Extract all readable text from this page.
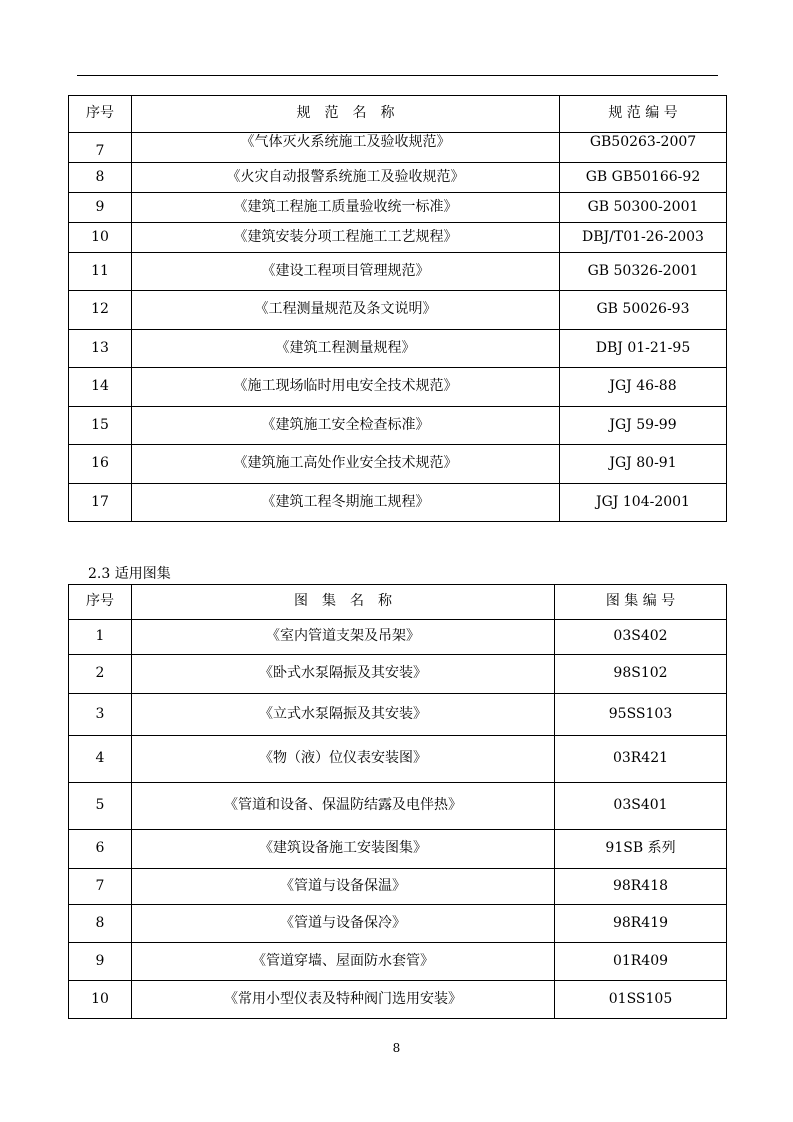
序号	规　范　名　称	规 范 编 号
7	《气体灭火系统施工及验收规范》	GB50263-2007
8	《火灾自动报警系统施工及验收规范》	GB GB50166-92
9	《建筑工程施工质量验收统一标准》	GB 50300-2001
10	《建筑安装分项工程施工工艺规程》	DBJ/T01-26-2003
11	《建设工程项目管理规范》	GB 50326-2001
12	《工程测量规范及条文说明》	GB 50026-93
13	《建筑工程测量规程》	DBJ 01-21-95
14	《施工现场临时用电安全技术规范》	JGJ 46-88
15	《建筑施工安全检查标准》	JGJ 59-99
16	《建筑施工高处作业安全技术规范》	JGJ 80-91
17	《建筑工程冬期施工规程》	JGJ 104-2001
2.3 适用图集
序号	图　集　名　称	图 集 编 号
1	《室内管道支架及吊架》	03S402
2	《卧式水泵隔振及其安装》	98S102
3	《立式水泵隔振及其安装》	95SS103
4	《物（液）位仪表安装图》	03R421
5	《管道和设备、保温防结露及电伴热》	03S401
6	《建筑设备施工安装图集》	91SB 系列
7	《管道与设备保温》	98R418
8	《管道与设备保冷》	98R419
9	《管道穿墙、屋面防水套管》	01R409
10	《常用小型仪表及特种阀门选用安装》	01SS105
8
